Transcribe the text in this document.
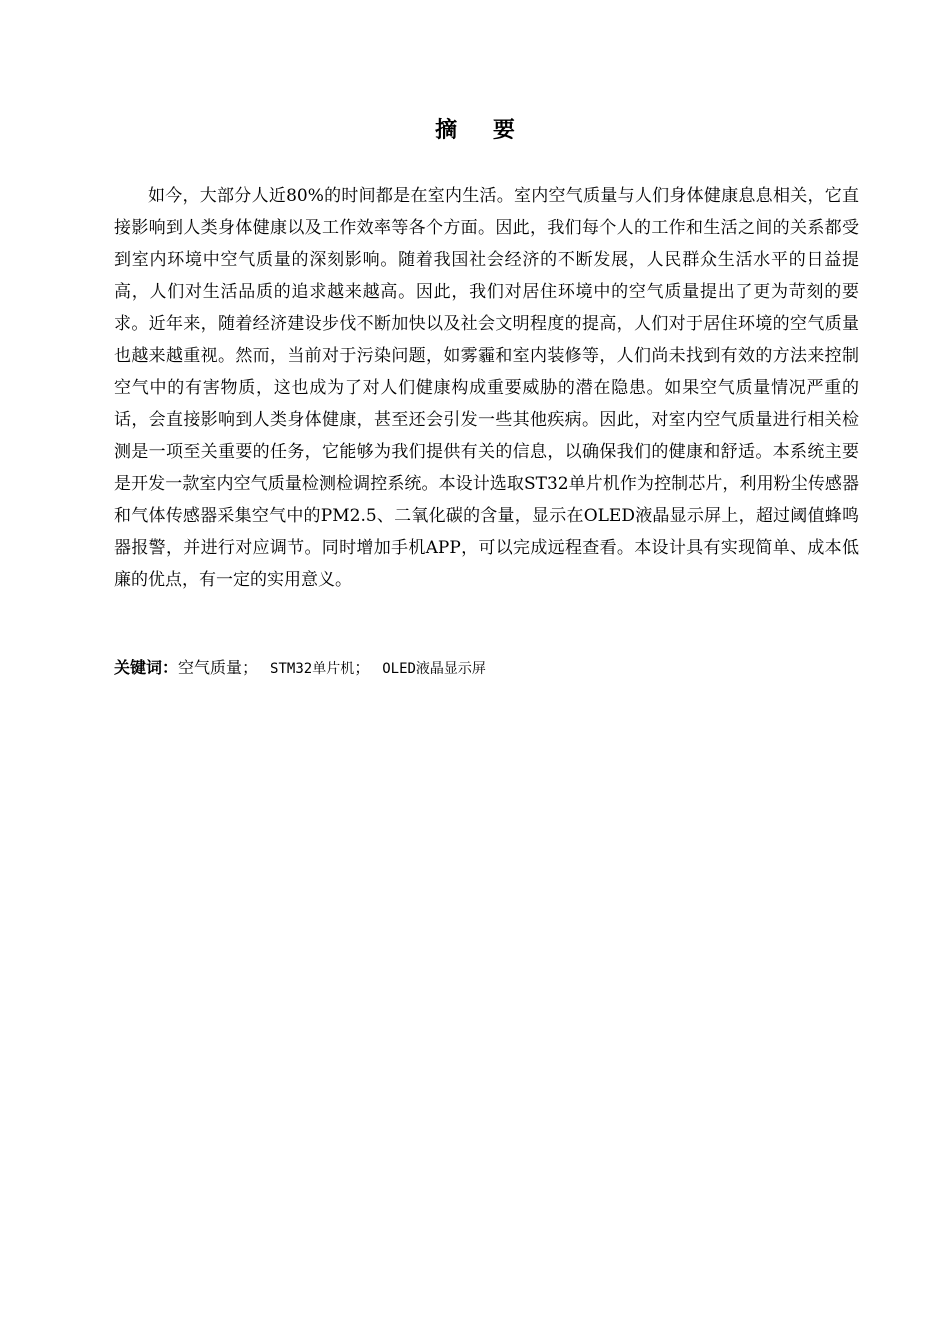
摘 要

如今，大部分人近80%的时间都是在室内生活。室内空气质量与人们身体健康息息相关，它直接影响到人类身体健康以及工作效率等各个方面。因此，我们每个人的工作和生活之间的关系都受到室内环境中空气质量的深刻影响。随着我国社会经济的不断发展，人民群众生活水平的日益提高，人们对生活品质的追求越来越高。因此，我们对居住环境中的空气质量提出了更为苛刻的要求。近年来，随着经济建设步伐不断加快以及社会文明程度的提高，人们对于居住环境的空气质量也越来越重视。然而，当前对于污染问题，如雾霾和室内装修等，人们尚未找到有效的方法来控制空气中的有害物质，这也成为了对人们健康构成重要威胁的潜在隐患。如果空气质量情况严重的话，会直接影响到人类身体健康，甚至还会引发一些其他疾病。因此，对室内空气质量进行相关检测是一项至关重要的任务，它能够为我们提供有关的信息，以确保我们的健康和舒适。本系统主要是开发一款室内空气质量检测检调控系统。本设计选取ST32单片机作为控制芯片，利用粉尘传感器和气体传感器采集空气中的PM2.5、二氧化碳的含量，显示在OLED液晶显示屏上，超过阈值蜂鸣器报警，并进行对应调节。同时增加手机APP，可以完成远程查看。本设计具有实现简单、成本低廉的优点，有一定的实用意义。

关键词：空气质量； STM32单片机； OLED液晶显示屏
